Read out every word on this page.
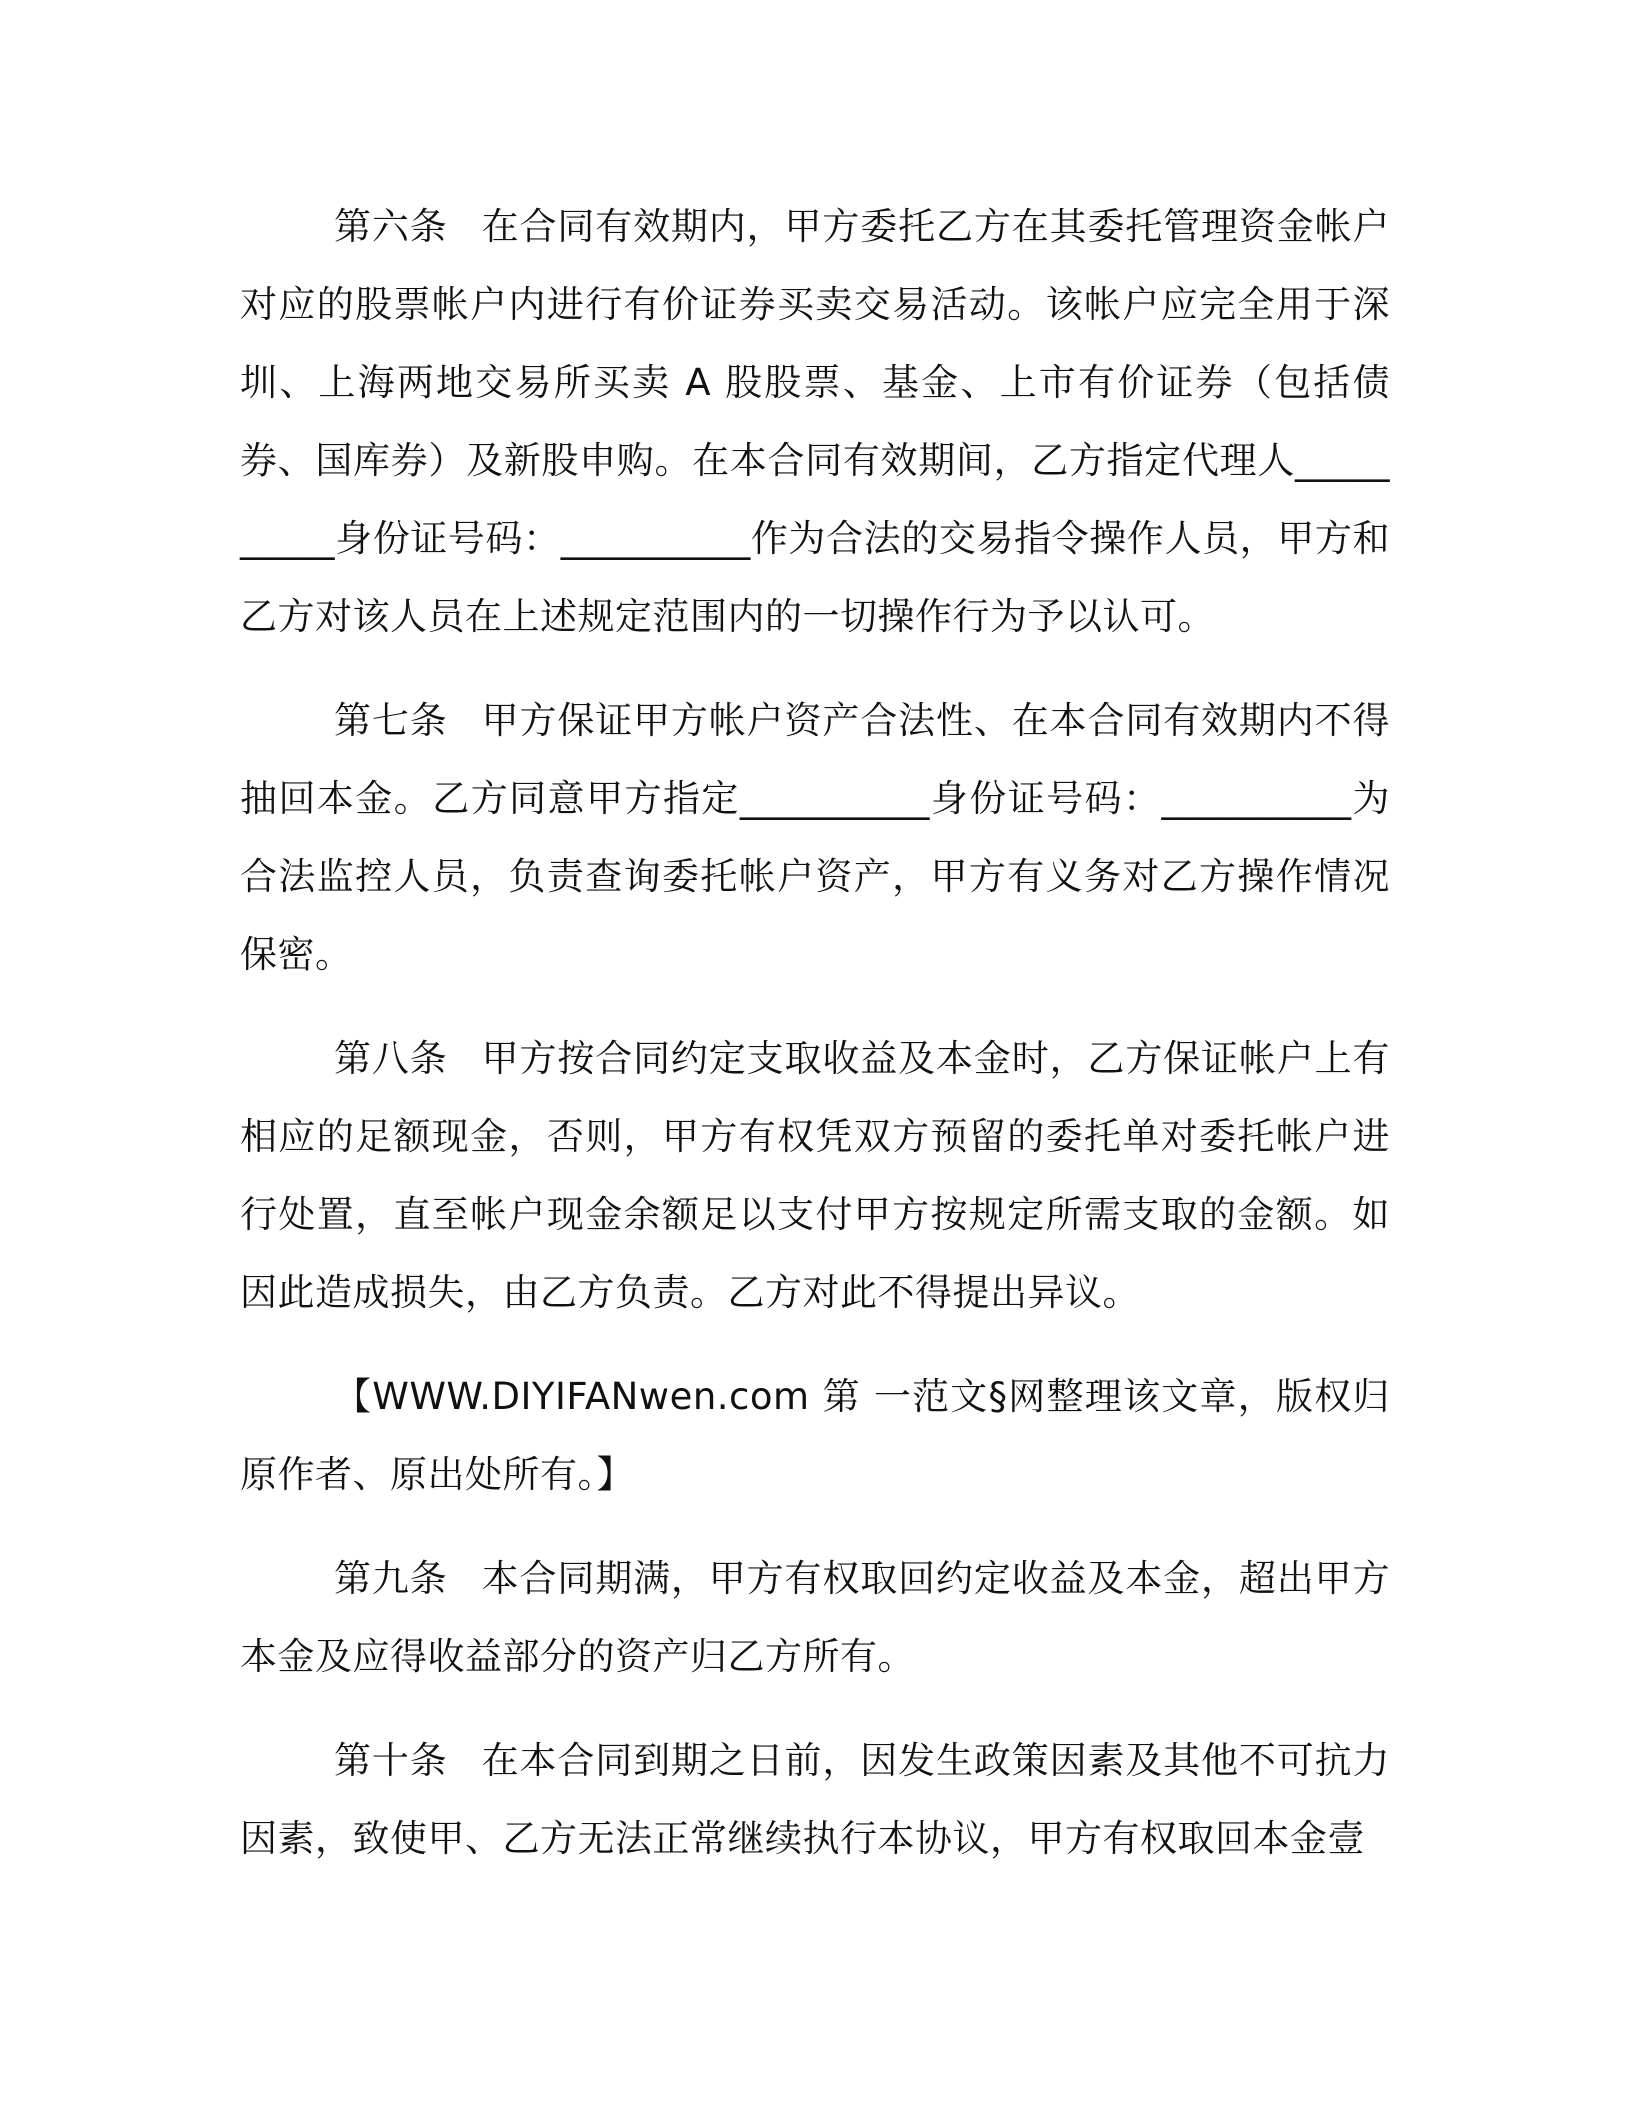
第六条 在合同有效期内，甲方委托乙方在其委托管理资金帐户对应的股票帐户内进行有价证券买卖交易活动。该帐户应完全用于深圳、上海两地交易所买卖 A 股股票、基金、上市有价证券（包括债券、国库券）及新股申购。在本合同有效期间，乙方指定代理人__________身份证号码：__________作为合法的交易指令操作人员，甲方和乙方对该人员在上述规定范围内的一切操作行为予以认可。

第七条 甲方保证甲方帐户资产合法性、在本合同有效期内不得抽回本金。乙方同意甲方指定__________身份证号码：__________为合法监控人员，负责查询委托帐户资产，甲方有义务对乙方操作情况保密。

第八条 甲方按合同约定支取收益及本金时，乙方保证帐户上有相应的足额现金，否则，甲方有权凭双方预留的委托单对委托帐户进行处置，直至帐户现金余额足以支付甲方按规定所需支取的金额。如因此造成损失，由乙方负责。乙方对此不得提出异议。

【WWW.DIYIFANwen.com 第 一范文§网整理该文章，版权归原作者、原出处所有。】

第九条 本合同期满，甲方有权取回约定收益及本金，超出甲方本金及应得收益部分的资产归乙方所有。

第十条 在本合同到期之日前，因发生政策因素及其他不可抗力因素，致使甲、乙方无法正常继续执行本协议，甲方有权取回本金壹
